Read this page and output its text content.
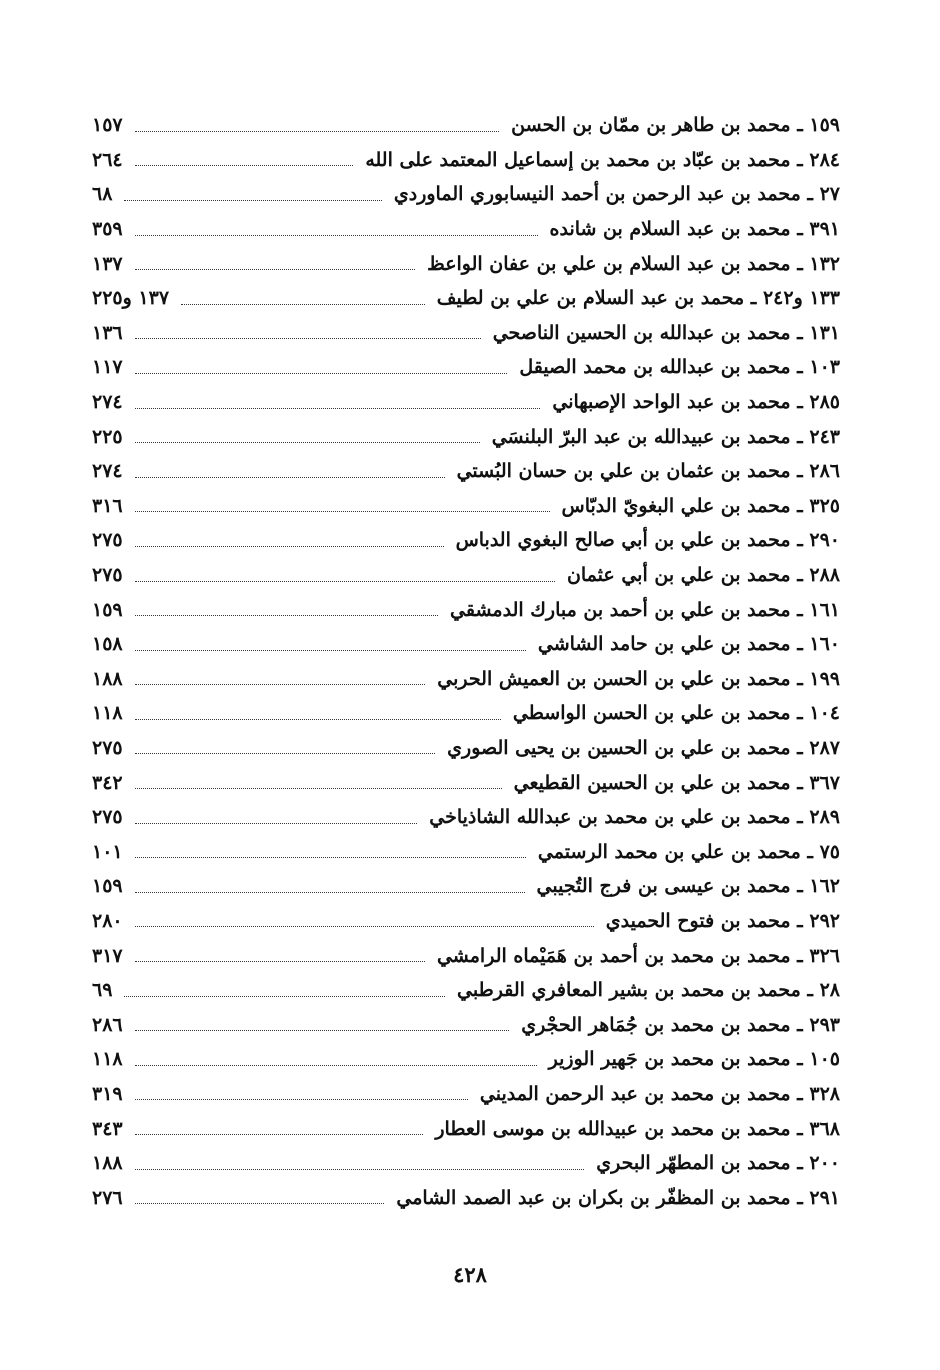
١٥٩ ـ محمد بن طاهر بن ممّان بن الحسن
١٥٧
٢٨٤ ـ محمد بن عبّاد بن محمد بن إسماعيل المعتمد على الله
٢٦٤
٢٧ ـ محمد بن عبد الرحمن بن أحمد النيسابوري الماوردي
٦٨
٣٩١ ـ محمد بن عبد السلام بن شانده
٣٥٩
١٣٢ ـ محمد بن عبد السلام بن علي بن عفان الواعظ
١٣٧
١٣٣ و٢٤٢ ـ محمد بن عبد السلام بن علي بن لطيف
١٣٧ و٢٢٥
١٣١ ـ محمد بن عبدالله بن الحسين الناصحي
١٣٦
١٠٣ ـ محمد بن عبدالله بن محمد الصيقل
١١٧
٢٨٥ ـ محمد بن عبد الواحد الإصبهاني
٢٧٤
٢٤٣ ـ محمد بن عبيدالله بن عبد البرّ البلنسَي
٢٢٥
٢٨٦ ـ محمد بن عثمان بن علي بن حسان البُستي
٢٧٤
٣٢٥ ـ محمد بن علي البغويّ الدبّاس
٣١٦
٢٩٠ ـ محمد بن علي بن أبي صالح البغوي الدباس
٢٧٥
٢٨٨ ـ محمد بن علي بن أبي عثمان
٢٧٥
١٦١ ـ محمد بن علي بن أحمد بن مبارك الدمشقي
١٥٩
١٦٠ ـ محمد بن علي بن حامد الشاشي
١٥٨
١٩٩ ـ محمد بن علي بن الحسن بن العميش الحربي
١٨٨
١٠٤ ـ محمد بن علي بن الحسن الواسطي
١١٨
٢٨٧ ـ محمد بن علي بن الحسين بن يحيى الصوري
٢٧٥
٣٦٧ ـ محمد بن علي بن الحسين القطيعي
٣٤٢
٢٨٩ ـ محمد بن علي بن محمد بن عبدالله الشاذياخي
٢٧٥
٧٥ ـ محمد بن علي بن محمد الرستمي
١٠١
١٦٢ ـ محمد بن عيسى بن فرج التُجيبي
١٥٩
٢٩٢ ـ محمد بن فتوح الحميدي
٢٨٠
٣٢٦ ـ محمد بن محمد بن أحمد بن هَمَيْماه الرامشي
٣١٧
٢٨ ـ محمد بن محمد بن بشير المعافري القرطبي
٦٩
٢٩٣ ـ محمد بن محمد بن جُمَاهر الحجْري
٢٨٦
١٠٥ ـ محمد بن محمد بن جَهير الوزير
١١٨
٣٢٨ ـ محمد بن محمد بن عبد الرحمن المديني
٣١٩
٣٦٨ ـ محمد بن محمد بن عبيدالله بن موسى العطار
٣٤٣
٢٠٠ ـ محمد بن المطهّر البحري
١٨٨
٢٩١ ـ محمد بن المظفّر بن بكران بن عبد الصمد الشامي
٢٧٦
٤٢٨
